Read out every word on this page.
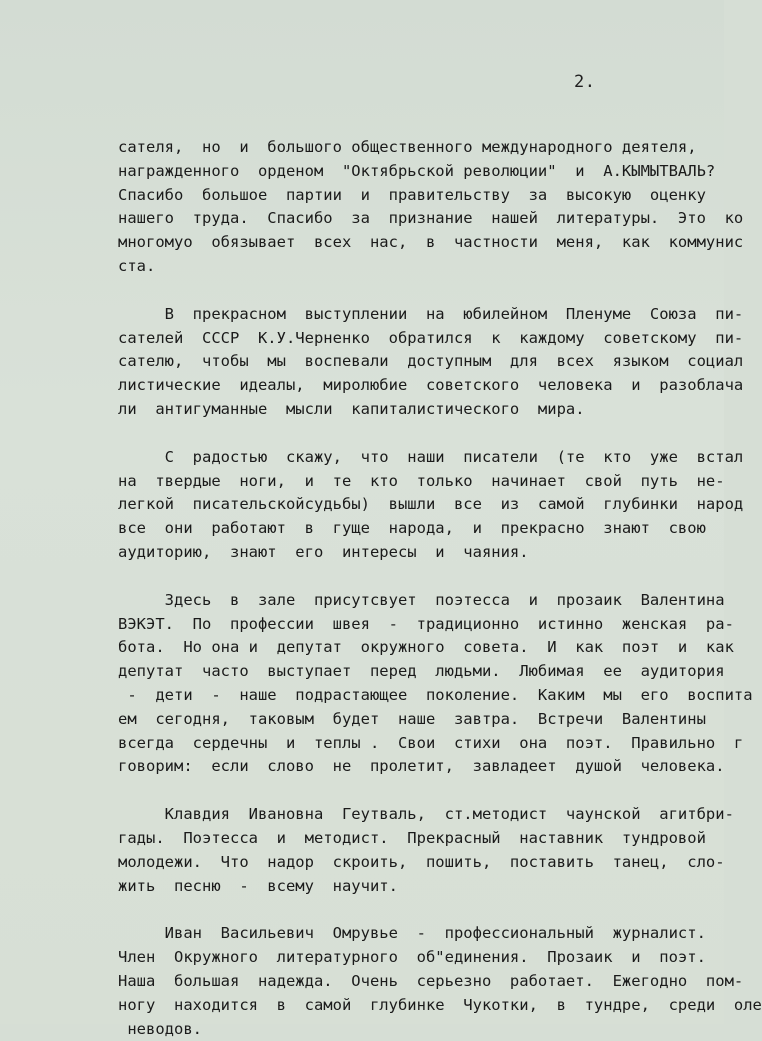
2.
сателя,  но  и  большого общественного международного деятеля,
награжденного  орденом  "Октябрьской революции"  и  А.КЫМЫТВАЛЬ?
Спасибо  большое  партии  и  правительству  за  высокую  оценку
нашего  труда.  Спасибо  за  признание  нашей  литературы.  Это  ко
многомуо  обязывает  всех  нас,  в  частности  меня,  как  коммунис
ста.
В  прекрасном  выступлении  на  юбилейном  Пленуме  Союза  пи-
сателей  СССР  К.У.Черненко  обратился  к  каждому  советскому  пи-
сателю,  чтобы  мы  воспевали  доступным  для  всех  языком  социал
листические  идеалы,  миролюбие  советского  человека  и  разоблача
ли  антигуманные  мысли  капиталистического  мира.
С  радостью  скажу,  что  наши  писатели  (те  кто  уже  встал
на  твердые  ноги,  и  те  кто  только  начинает  свой  путь  не-
легкой  писательскойсудьбы)  вышли  все  из  самой  глубинки  народ
все  они  работают  в  гуще  народа,  и  прекрасно  знают  свою
аудиторию,  знают  его  интересы  и  чаяния.
Здесь  в  зале  присутсвует  поэтесса  и  прозаик  Валентина
ВЭКЭТ.  По  профессии  швея  -  традиционно  истинно  женская  ра-
бота.  Но она и  депутат  окружного  совета.  И  как  поэт  и  как
депутат  часто  выступает  перед  людьми.  Любимая  ее  аудитория
-  дети  -  наше  подрастающее  поколение.  Каким  мы  его  воспита
ем  сегодня,  таковым  будет  наше  завтра.  Встречи  Валентины
всегда  сердечны  и  теплы .  Свои  стихи  она  поэт.  Правильно  г
говорим:  если  слово  не  пролетит,  завладеет  душой  человека.
Клавдия  Ивановна  Геутваль,  ст.методист  чаунской  агитбри-
гады.  Поэтесса  и  методист.  Прекрасный  наставник  тундровой
молодежи.  Что  надор  скроить,  пошить,  поставить  танец,  сло-
жить  песню  -  всему  научит.
Иван  Васильевич  Омрувье  -  профессиональный  журналист.
Член  Окружного  литературного  об"единения.  Прозаик  и  поэт.
Наша  большая  надежда.  Очень  серьезно  работает.  Ежегодно  пом-
ногу  находится  в  самой  глубинке  Чукотки,  в  тундре,  среди  оле
неводов.
